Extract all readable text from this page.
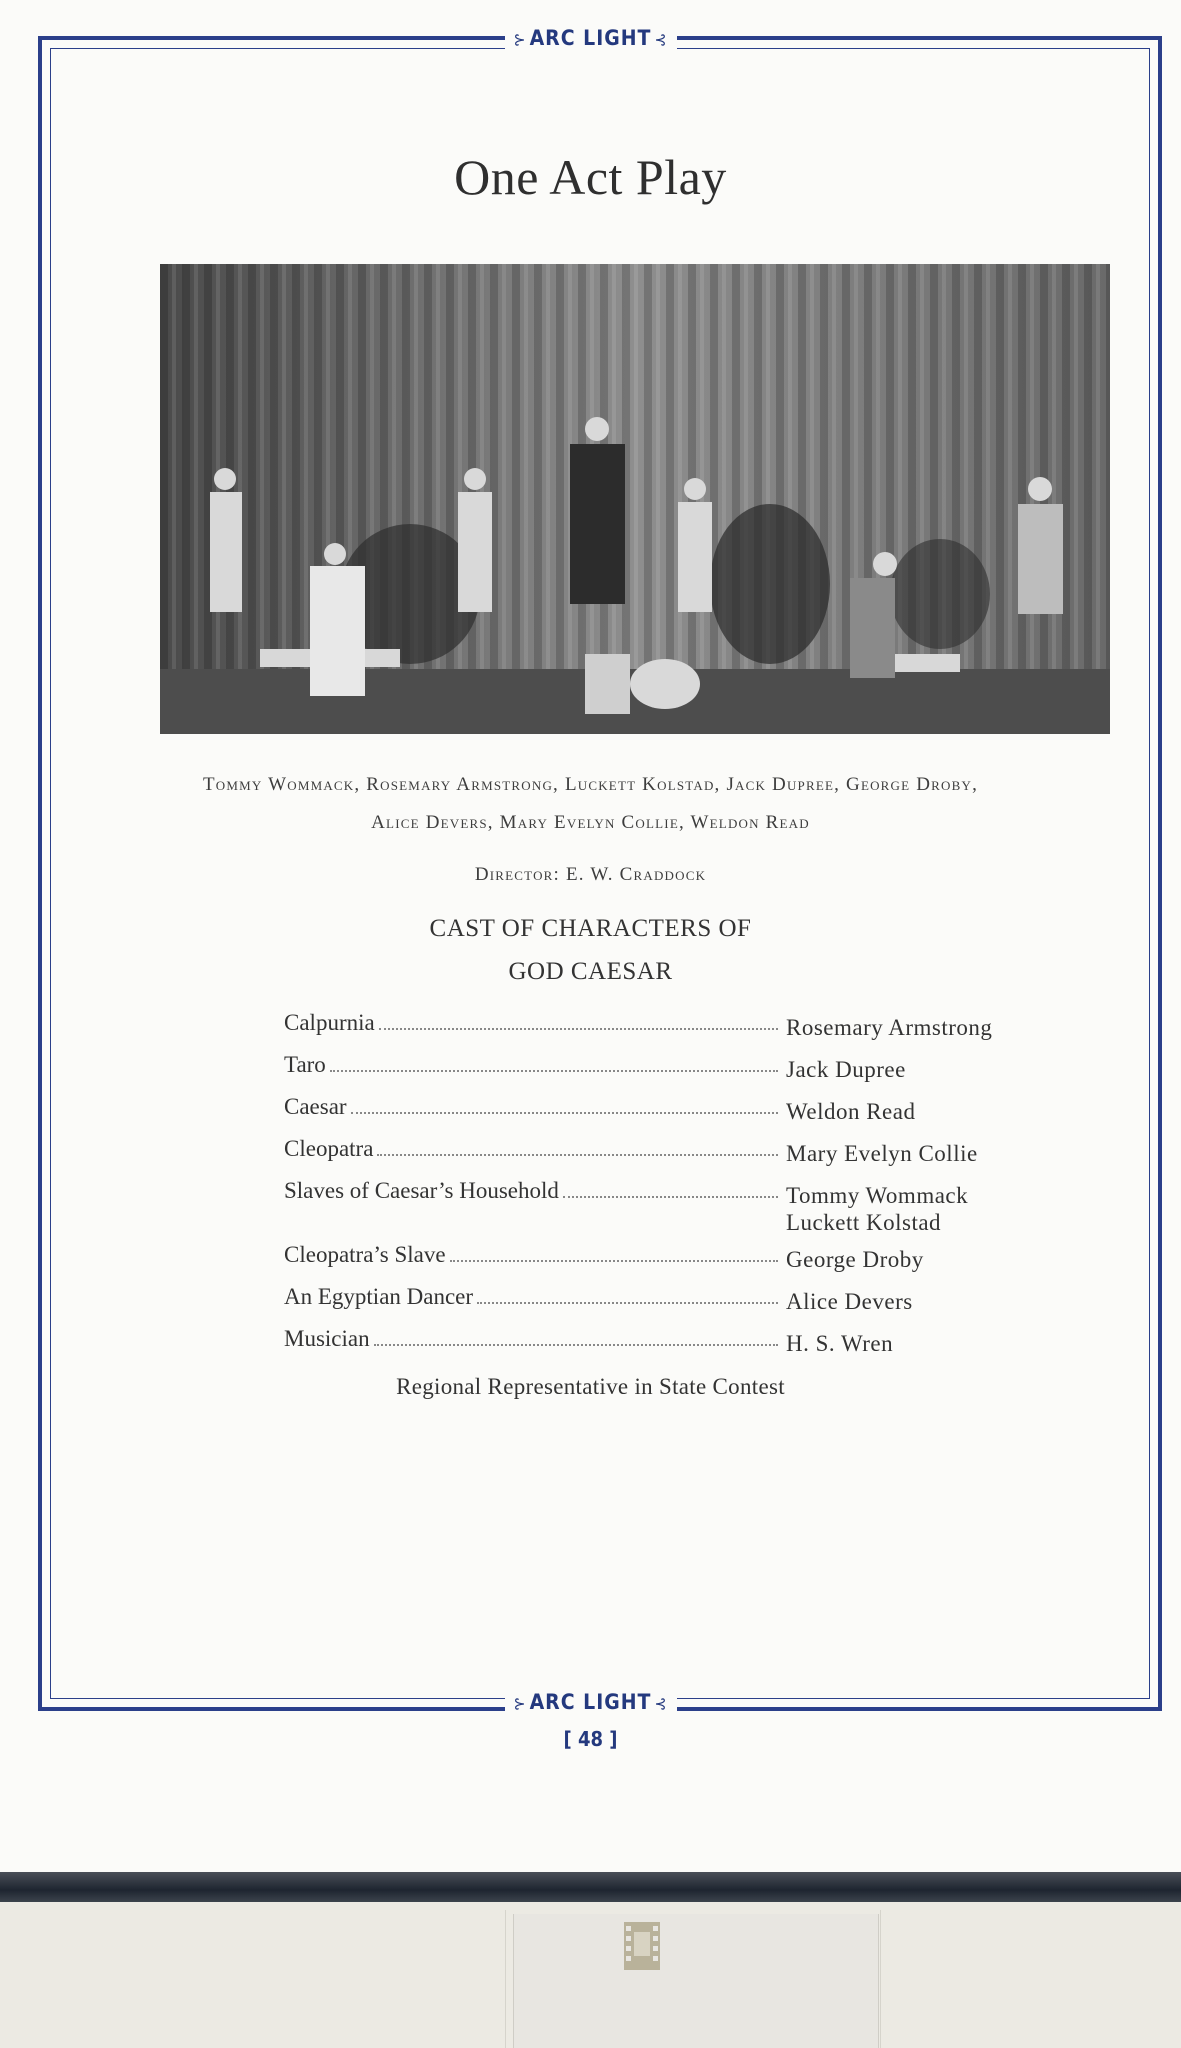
⊱ ARC LIGHT ⊰
One Act Play
Tommy Wommack, Rosemary Armstrong, Luckett Kolstad, Jack Dupree, George Droby,
Alice Devers, Mary Evelyn Collie, Weldon Read
Director: E. W. Craddock
CAST OF CHARACTERS OF
GOD CAESAR
Calpurnia	Rosemary Armstrong
Taro	Jack Dupree
Caesar	Weldon Read
Cleopatra	Mary Evelyn Collie
Slaves of Caesar’s Household	Tommy Wommack
Luckett Kolstad
Cleopatra’s Slave	George Droby
An Egyptian Dancer	Alice Devers
Musician	H. S. Wren
Regional Representative in State Contest
⊱ ARC LIGHT ⊰
[ 48 ]
